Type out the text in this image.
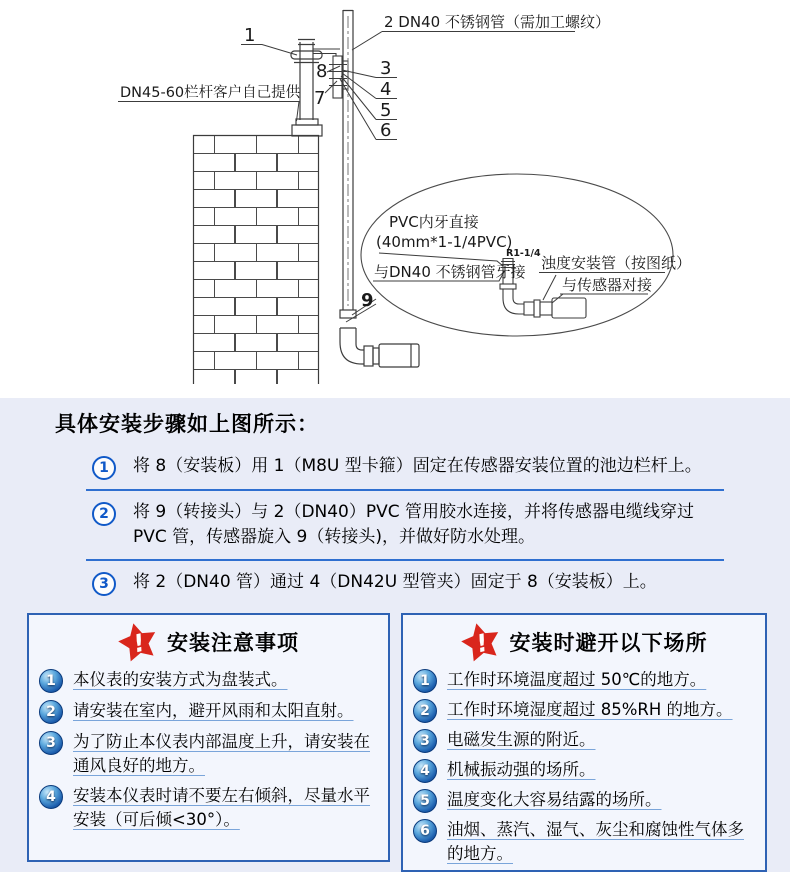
DN45-60栏杆客户自己提供
2 DN40 不锈钢管（需加工螺纹）
1
8
7
3
4
5
6
9
PVC内牙直接
(40mm*1-1/4PVC)
与DN40 不锈钢管牙接
R1-1/4
浊度安装管（按图纸）
与传感器对接
具体安装步骤如上图所示：
1	将 8（安装板）用 1（M8U 型卡箍）固定在传感器安装位置的池边栏杆上。

2	将 9（转接头）与 2（DN40）PVC 管用胶水连接，并将传感器电缆线穿过 PVC 管，传感器旋入 9（转接头)，并做好防水处理。

3	将 2（DN40 管）通过 4（DN42U 型管夹）固定于 8（安装板）上。

! 安装注意事项
1	本仪表的安装方式为盘装式。
2	请安装在室内，避开风雨和太阳直射。
3	为了防止本仪表内部温度上升，请安装在通风良好的地方。
4	安装本仪表时请不要左右倾斜，尽量水平安装（可后倾<30°）。
! 安装时避开以下场所
1	工作时环境温度超过 50℃的地方。
2	工作时环境湿度超过 85%RH 的地方。
3	电磁发生源的附近。
4	机械振动强的场所。
5	温度变化大容易结露的场所。
6	油烟、蒸汽、湿气、灰尘和腐蚀性气体多的地方。
